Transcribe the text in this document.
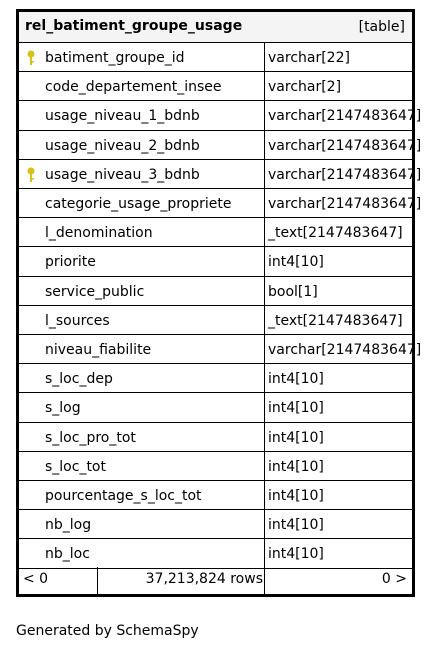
rel_batiment_groupe_usage	[table]
batiment_groupe_id	varchar[22]
code_departement_insee	varchar[2]
usage_niveau_1_bdnb	varchar[2147483647]
usage_niveau_2_bdnb	varchar[2147483647]
usage_niveau_3_bdnb	varchar[2147483647]
categorie_usage_propriete	varchar[2147483647]
l_denomination	_text[2147483647]
priorite	int4[10]
service_public	bool[1]
l_sources	_text[2147483647]
niveau_fiabilite	varchar[2147483647]
s_loc_dep	int4[10]
s_log	int4[10]
s_loc_pro_tot	int4[10]
s_loc_tot	int4[10]
pourcentage_s_loc_tot	int4[10]
nb_log	int4[10]
nb_loc	int4[10]
< 0	37,213,824 rows	0 >
Generated by SchemaSpy
